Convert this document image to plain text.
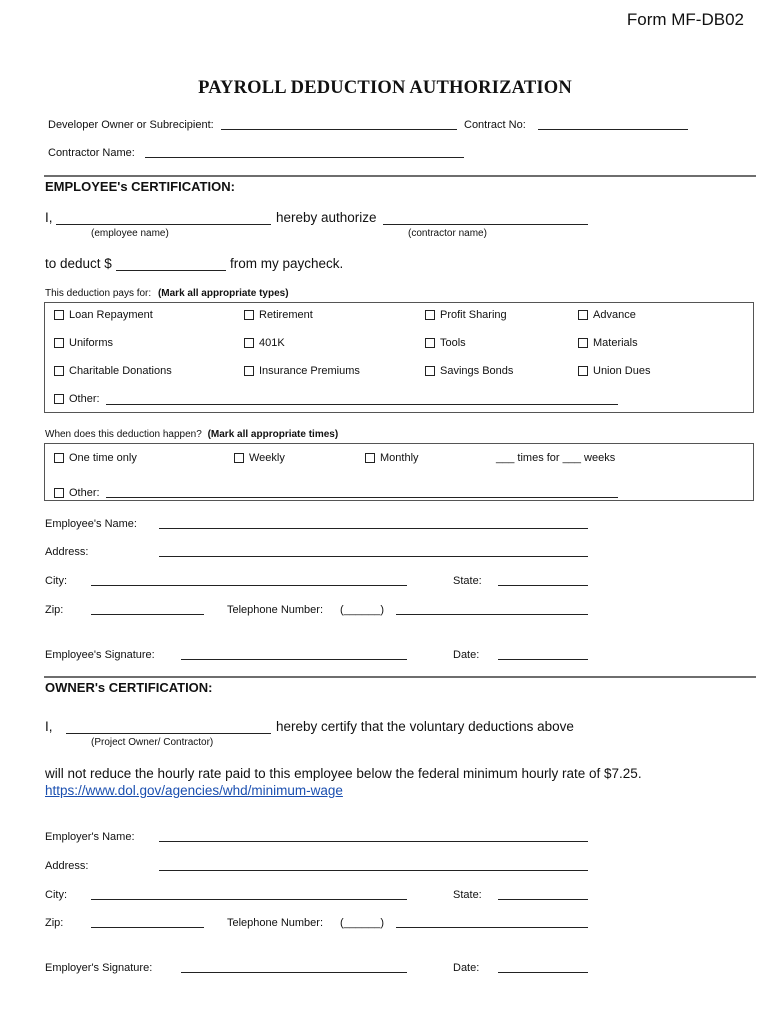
Form MF-DB02
PAYROLL DEDUCTION AUTHORIZATION
Developer Owner or Subrecipient:	Contract No:
Contractor Name:
EMPLOYEE's CERTIFICATION:
I,	hereby authorize
(employee name)	(contractor name)
to deduct $	from my paycheck.
This deduction pays for: (Mark all appropriate types)
Loan Repayment	Retirement	Profit Sharing	Advance
Uniforms	401K	Tools	Materials
Charitable Donations	Insurance Premiums	Savings Bonds	Union Dues
Other:
When does this deduction happen? (Mark all appropriate times)
One time only	Weekly	Monthly	___ times for ___ weeks
Other:
Employee's Name:
Address:
City:	State:
Zip:	Telephone Number: (______)
Employee's Signature:	Date:
OWNER's CERTIFICATION:
I,	hereby certify that the voluntary deductions above
(Project Owner/ Contractor)
will not reduce the hourly rate paid to this employee below the federal minimum hourly rate of $7.25.
https://www.dol.gov/agencies/whd/minimum-wage
Employer's Name:
Address:
City:	State:
Zip:	Telephone Number: (______)
Employer's Signature:	Date:
